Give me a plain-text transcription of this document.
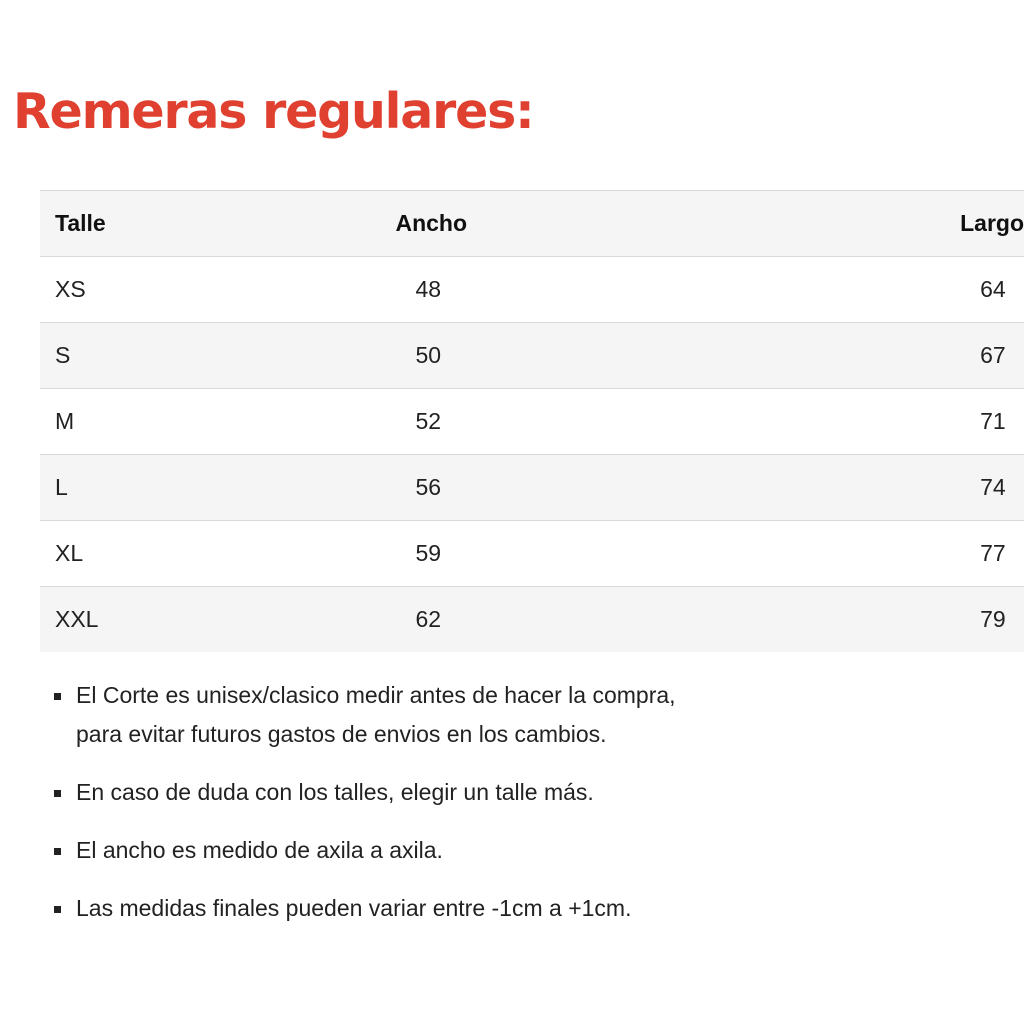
Remeras regulares:
Talle	Ancho	Largo
XS	48	64
S	50	67
M	52	71
L	56	74
XL	59	77
XXL	62	79
El Corte es unisex/clasico medir antes de hacer la compra,
para evitar futuros gastos de envios en los cambios.
En caso de duda con los talles, elegir un talle más.
El ancho es medido de axila a axila.
Las medidas finales pueden variar entre -1cm a +1cm.
